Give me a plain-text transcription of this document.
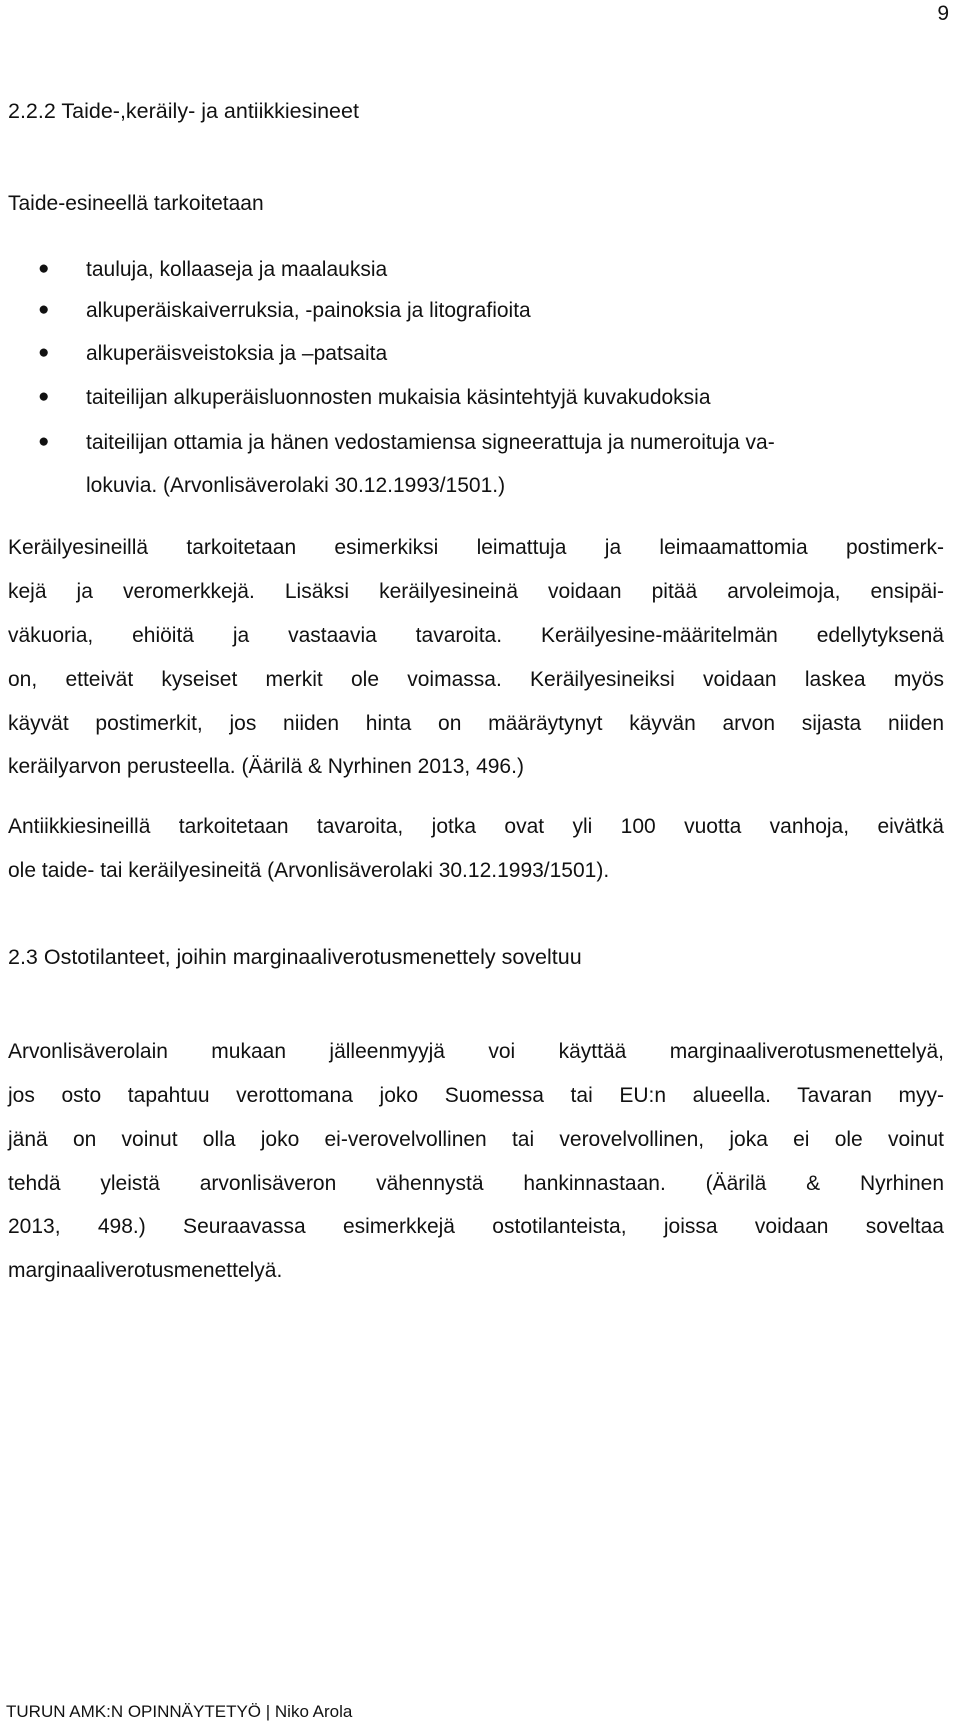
9
2.2.2 Taide-,keräily- ja antiikkiesineet
Taide-esineellä tarkoitetaan
● tauluja, kollaaseja ja maalauksia
● alkuperäiskaiverruksia, -painoksia ja litografioita
● alkuperäisveistoksia ja –patsaita
● taiteilijan alkuperäisluonnosten mukaisia käsintehtyjä kuvakudoksia
● taiteilijan ottamia ja hänen vedostamiensa signeerattuja ja numeroituja va-
lokuvia. (Arvonlisäverolaki 30.12.1993/1501.)
Keräilyesineillä tarkoitetaan esimerkiksi leimattuja ja leimaamattomia postimerk-
kejä ja veromerkkejä. Lisäksi keräilyesineinä voidaan pitää arvoleimoja, ensipäi-
väkuoria, ehiöitä ja vastaavia tavaroita. Keräilyesine-määritelmän edellytyksenä
on, etteivät kyseiset merkit ole voimassa. Keräilyesineiksi voidaan laskea myös
käyvät postimerkit, jos niiden hinta on määräytynyt käyvän arvon sijasta niiden
keräilyarvon perusteella. (Äärilä & Nyrhinen 2013, 496.)
Antiikkiesineillä tarkoitetaan tavaroita, jotka ovat yli 100 vuotta vanhoja, eivätkä
ole taide- tai keräilyesineitä (Arvonlisäverolaki 30.12.1993/1501).
2.3 Ostotilanteet, joihin marginaaliverotusmenettely soveltuu
Arvonlisäverolain mukaan jälleenmyyjä voi käyttää marginaaliverotusmenettelyä,
jos osto tapahtuu verottomana joko Suomessa tai EU:n alueella. Tavaran myy-
jänä on voinut olla joko ei-verovelvollinen tai verovelvollinen, joka ei ole voinut
tehdä yleistä arvonlisäveron vähennystä hankinnastaan. (Äärilä & Nyrhinen
2013, 498.) Seuraavassa esimerkkejä ostotilanteista, joissa voidaan soveltaa
marginaaliverotusmenettelyä.
TURUN AMK:N OPINNÄYTETYÖ | Niko Arola
